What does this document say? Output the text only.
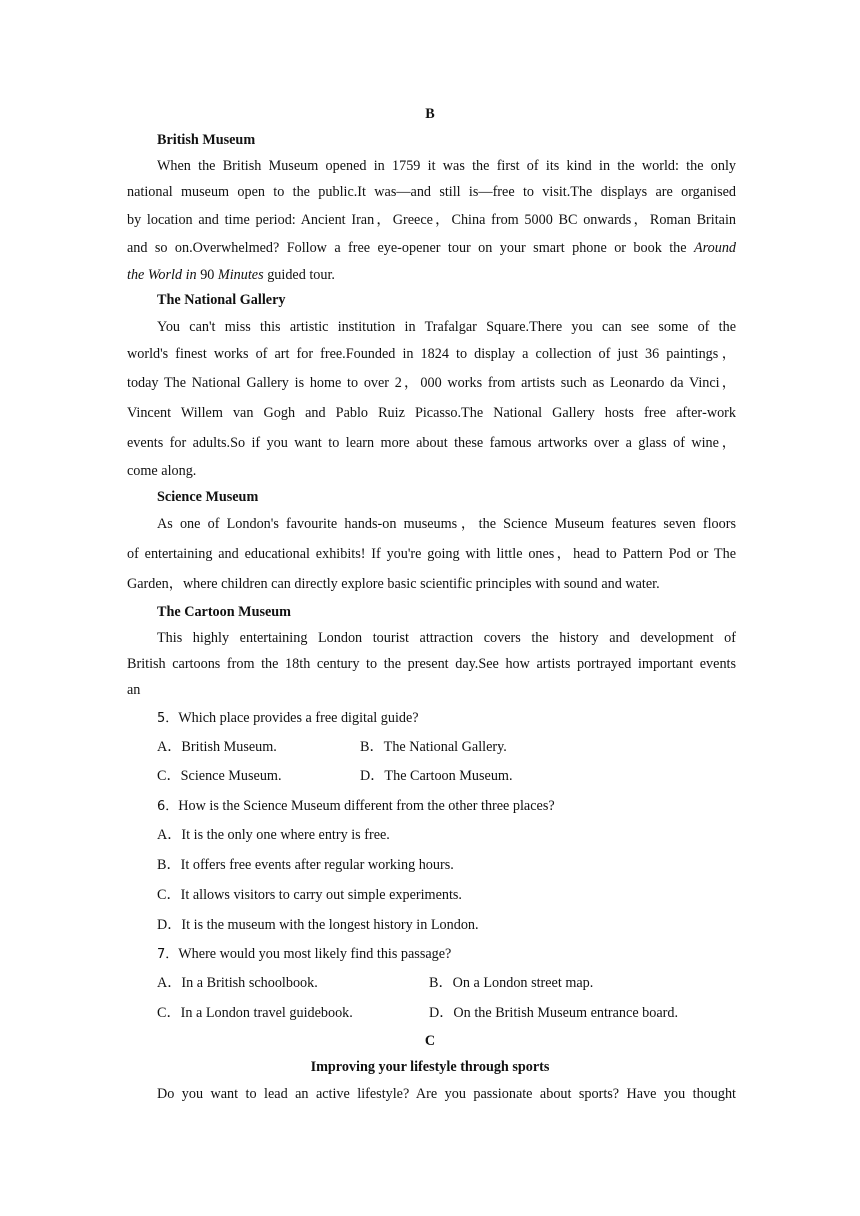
B
British Museum
When the British Museum opened in 1759 it was the first of its kind in the world: the only
national museum open to the public.It was—and still is—free to visit.The displays are organised
by location and time period: Ancient Iran，Greece，China from 5000 BC onwards，Roman Britain
and so on.Overwhelmed? Follow a free eye-opener tour on your smart phone or book the Around
the World in 90 Minutes guided tour.
The National Gallery
You can't miss this artistic institution in Trafalgar Square.There you can see some of the
world's finest works of art for free.Founded in 1824 to display a collection of just 36 paintings，
today The National Gallery is home to over 2，000 works from artists such as Leonardo da Vinci，
Vincent Willem van Gogh and Pablo Ruiz Picasso.The National Gallery hosts free after‐work
events for adults.So if you want to learn more about these famous artworks over a glass of wine，
come along.
Science Museum
As one of London's favourite hands‐on museums，the Science Museum features seven floors
of entertaining and educational exhibits! If you're going with little ones，head to Pattern Pod or The
Garden，where children can directly explore basic scientific principles with sound and water.
The Cartoon Museum
This highly entertaining London tourist attraction covers the history and development of
British cartoons from the 18th century to the present day.See how artists portrayed important events
an
5．Which place provides a free digital guide?
A．British Museum.	B．The National Gallery.
C．Science Museum.	D．The Cartoon Museum.
6．How is the Science Museum different from the other three places?
A．It is the only one where entry is free.
B．It offers free events after regular working hours.
C．It allows visitors to carry out simple experiments.
D．It is the museum with the longest history in London.
7．Where would you most likely find this passage?
A．In a British schoolbook.	B．On a London street map.
C．In a London travel guidebook.	D．On the British Museum entrance board.
C
Improving your lifestyle through sports
Do you want to lead an active lifestyle? Are you passionate about sports? Have you thought
